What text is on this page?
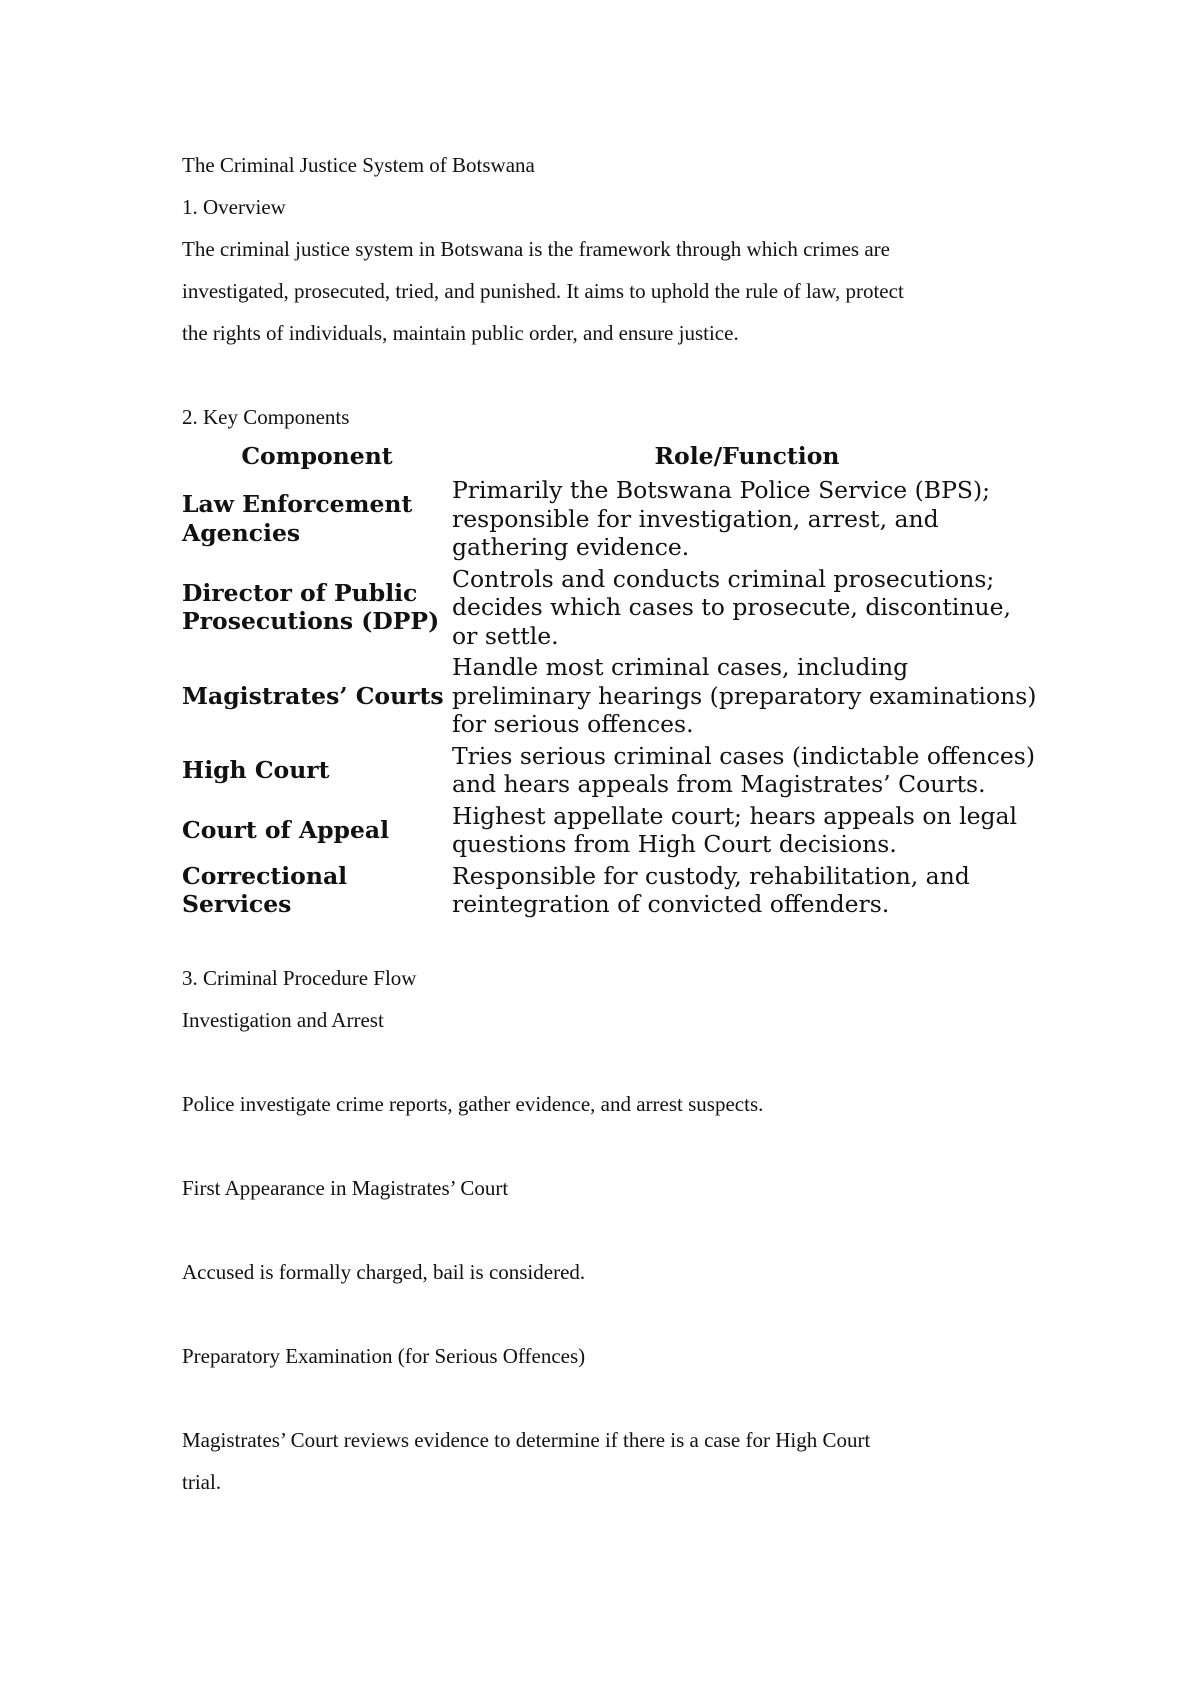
The Criminal Justice System of Botswana

1. Overview

The criminal justice system in Botswana is the framework through which crimes are

investigated, prosecuted, tried, and punished. It aims to uphold the rule of law, protect

the rights of individuals, maintain public order, and ensure justice.

2. Key Components

Component	Role/Function
Law Enforcement Agencies
Primarily the Botswana Police Service (BPS); responsible for investigation, arrest, and gathering evidence.
Director of Public Prosecutions (DPP)
Controls and conducts criminal prosecutions; decides which cases to prosecute, discontinue, or settle.
Magistrates’ Courts
Handle most criminal cases, including preliminary hearings (preparatory examinations) for serious offences.
High Court
Tries serious criminal cases (indictable offences) and hears appeals from Magistrates’ Courts.
Court of Appeal
Highest appellate court; hears appeals on legal questions from High Court decisions.
Correctional Services
Responsible for custody, rehabilitation, and reintegration of convicted offenders.

3. Criminal Procedure Flow

Investigation and Arrest

Police investigate crime reports, gather evidence, and arrest suspects.

First Appearance in Magistrates’ Court

Accused is formally charged, bail is considered.

Preparatory Examination (for Serious Offences)

Magistrates’ Court reviews evidence to determine if there is a case for High Court

trial.
